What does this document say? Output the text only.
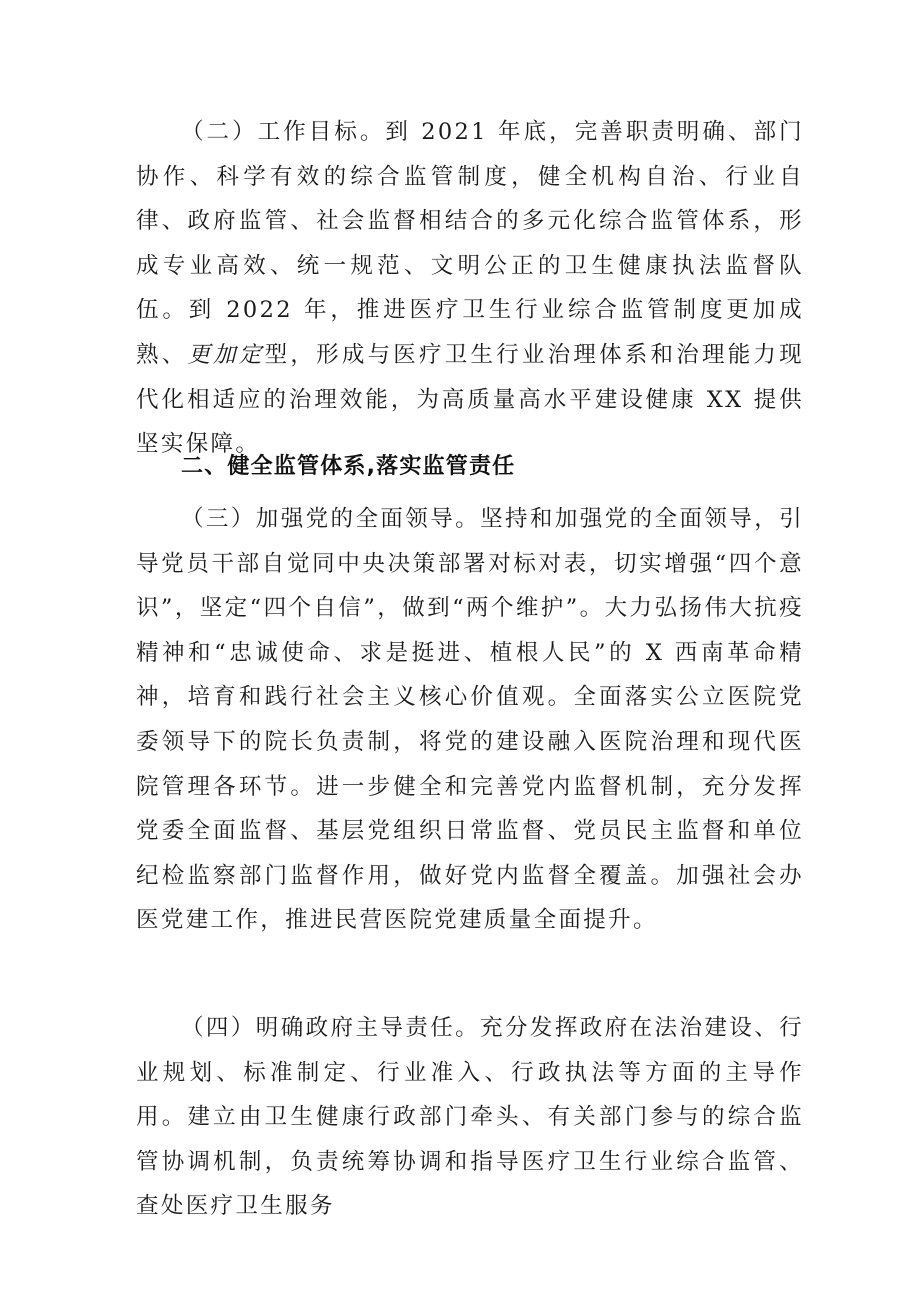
（二）工作目标。到 2021 年底，完善职责明确、部门协作、科学有效的综合监管制度，健全机构自治、行业自律、政府监管、社会监督相结合的多元化综合监管体系，形成专业高效、统一规范、文明公正的卫生健康执法监督队伍。到 2022 年，推进医疗卫生行业综合监管制度更加成熟、更加定型，形成与医疗卫生行业治理体系和治理能力现代化相适应的治理效能，为高质量高水平建设健康 XX 提供坚实保障。

二、健全监管体系,落实监管责任

（三）加强党的全面领导。坚持和加强党的全面领导，引导党员干部自觉同中央决策部署对标对表，切实增强“四个意识”，坚定“四个自信”，做到“两个维护”。大力弘扬伟大抗疫精神和“忠诚使命、求是挺进、植根人民”的 X 西南革命精神，培育和践行社会主义核心价值观。全面落实公立医院党委领导下的院长负责制，将党的建设融入医院治理和现代医院管理各环节。进一步健全和完善党内监督机制，充分发挥党委全面监督、基层党组织日常监督、党员民主监督和单位纪检监察部门监督作用，做好党内监督全覆盖。加强社会办医党建工作，推进民营医院党建质量全面提升。

（四）明确政府主导责任。充分发挥政府在法治建设、行业规划、标准制定、行业准入、行政执法等方面的主导作用。建立由卫生健康行政部门牵头、有关部门参与的综合监管协调机制，负责统筹协调和指导医疗卫生行业综合监管、查处医疗卫生服务
